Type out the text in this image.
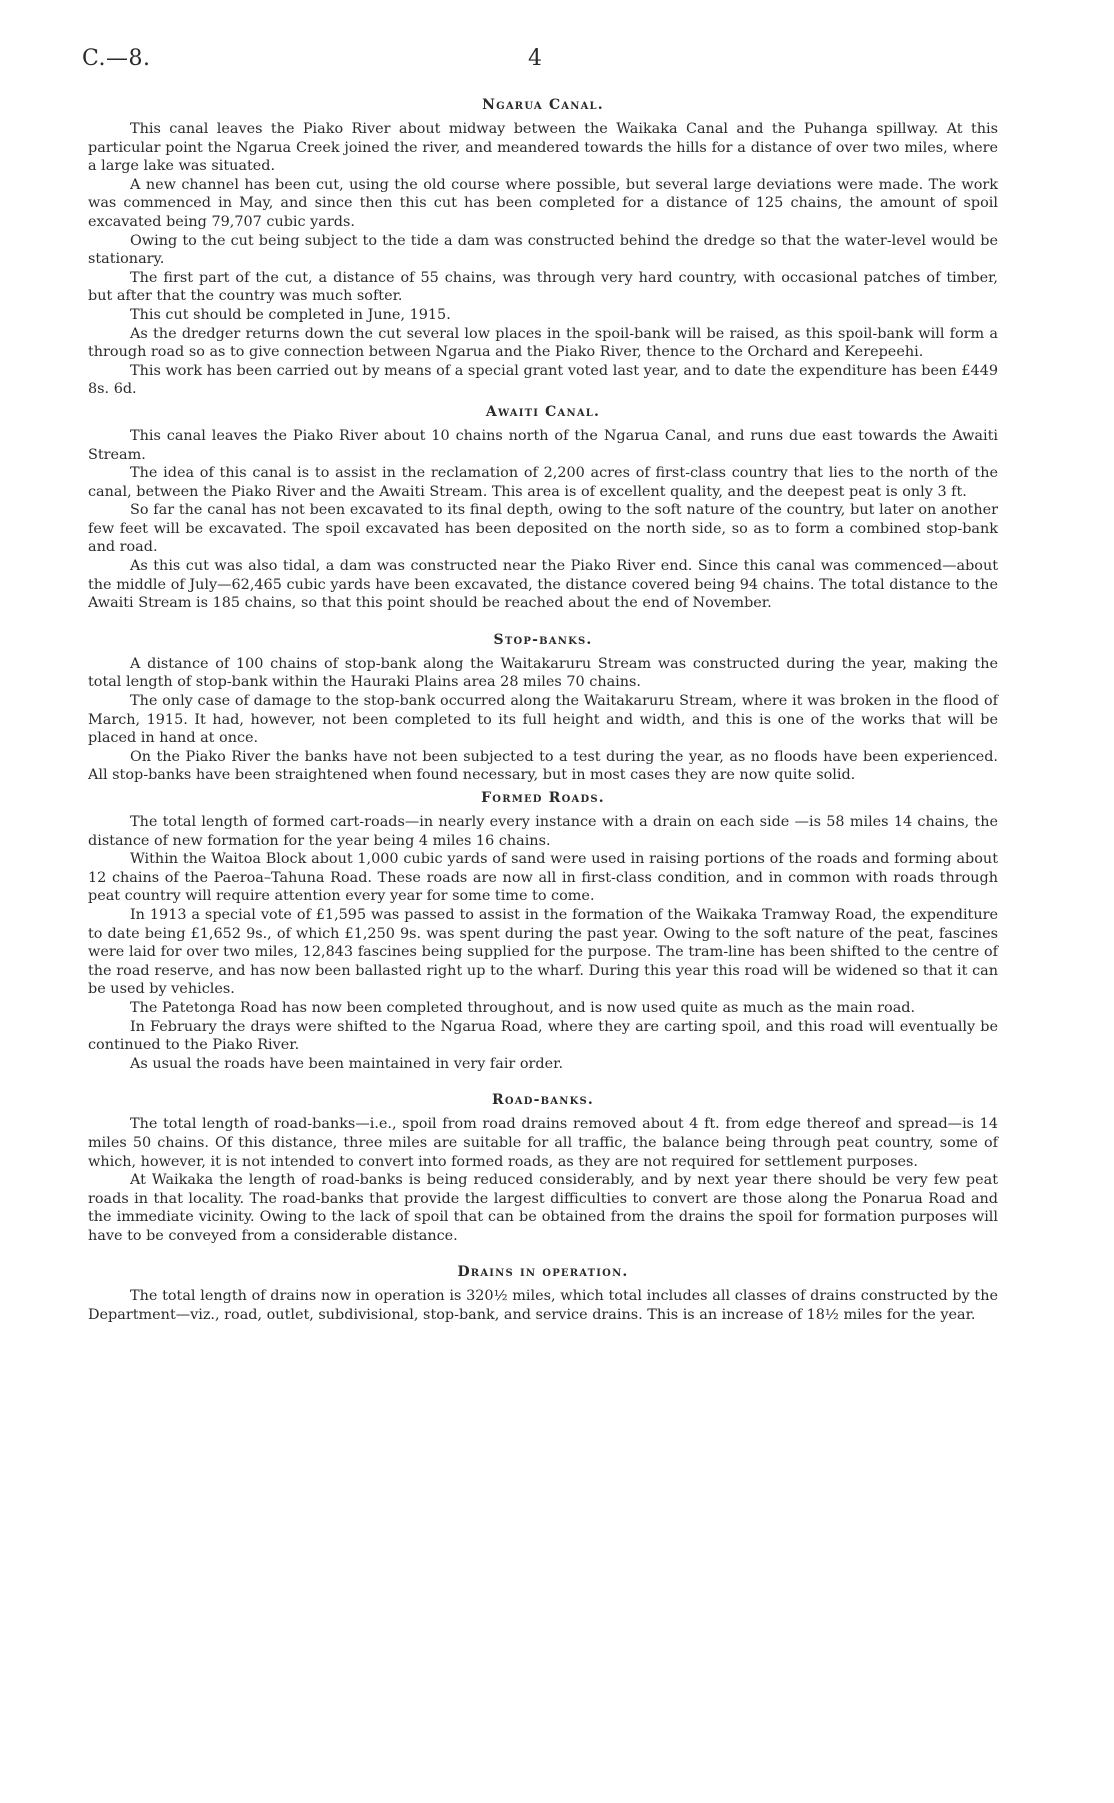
C.—8.	4
Ngarua Canal.

This canal leaves the Piako River about midway between the Waikaka Canal and the Puhanga spillway. At this particular point the Ngarua Creek joined the river, and meandered towards the hills for a distance of over two miles, where a large lake was situated.

A new channel has been cut, using the old course where possible, but several large deviations were made. The work was commenced in May, and since then this cut has been completed for a distance of 125 chains, the amount of spoil excavated being 79,707 cubic yards.

Owing to the cut being subject to the tide a dam was constructed behind the dredge so that the water-level would be stationary.

The first part of the cut, a distance of 55 chains, was through very hard country, with occasional patches of timber, but after that the country was much softer.

This cut should be completed in June, 1915.

As the dredger returns down the cut several low places in the spoil-bank will be raised, as this spoil-bank will form a through road so as to give connection between Ngarua and the Piako River, thence to the Orchard and Kerepeehi.

This work has been carried out by means of a special grant voted last year, and to date the expenditure has been £449 8s. 6d.

Awaiti Canal.

This canal leaves the Piako River about 10 chains north of the Ngarua Canal, and runs due east towards the Awaiti Stream.

The idea of this canal is to assist in the reclamation of 2,200 acres of first-class country that lies to the north of the canal, between the Piako River and the Awaiti Stream. This area is of excellent quality, and the deepest peat is only 3 ft.

So far the canal has not been excavated to its final depth, owing to the soft nature of the country, but later on another few feet will be excavated. The spoil excavated has been deposited on the north side, so as to form a combined stop-bank and road.

As this cut was also tidal, a dam was constructed near the Piako River end. Since this canal was commenced—about the middle of July—62,465 cubic yards have been excavated, the distance covered being 94 chains. The total distance to the Awaiti Stream is 185 chains, so that this point should be reached about the end of November.

Stop-banks.

A distance of 100 chains of stop-bank along the Waitakaruru Stream was constructed during the year, making the total length of stop-bank within the Hauraki Plains area 28 miles 70 chains.

The only case of damage to the stop-bank occurred along the Waitakaruru Stream, where it was broken in the flood of March, 1915. It had, however, not been completed to its full height and width, and this is one of the works that will be placed in hand at once.

On the Piako River the banks have not been subjected to a test during the year, as no floods have been experienced. All stop-banks have been straightened when found necessary, but in most cases they are now quite solid.

Formed Roads.

The total length of formed cart-roads—in nearly every instance with a drain on each side —is 58 miles 14 chains, the distance of new formation for the year being 4 miles 16 chains.

Within the Waitoa Block about 1,000 cubic yards of sand were used in raising portions of the roads and forming about 12 chains of the Paeroa–Tahuna Road. These roads are now all in first-class condition, and in common with roads through peat country will require attention every year for some time to come.

In 1913 a special vote of £1,595 was passed to assist in the formation of the Waikaka Tramway Road, the expenditure to date being £1,652 9s., of which £1,250 9s. was spent during the past year. Owing to the soft nature of the peat, fascines were laid for over two miles, 12,843 fascines being supplied for the purpose. The tram-line has been shifted to the centre of the road reserve, and has now been ballasted right up to the wharf. During this year this road will be widened so that it can be used by vehicles.

The Patetonga Road has now been completed throughout, and is now used quite as much as the main road.

In February the drays were shifted to the Ngarua Road, where they are carting spoil, and this road will eventually be continued to the Piako River.

As usual the roads have been maintained in very fair order.

Road-banks.

The total length of road-banks—i.e., spoil from road drains removed about 4 ft. from edge thereof and spread—is 14 miles 50 chains. Of this distance, three miles are suitable for all traffic, the balance being through peat country, some of which, however, it is not intended to convert into formed roads, as they are not required for settlement purposes.

At Waikaka the length of road-banks is being reduced considerably, and by next year there should be very few peat roads in that locality. The road-banks that provide the largest difficulties to convert are those along the Ponarua Road and the immediate vicinity. Owing to the lack of spoil that can be obtained from the drains the spoil for formation purposes will have to be conveyed from a considerable distance.

Drains in operation.

The total length of drains now in operation is 320½ miles, which total includes all classes of drains constructed by the Department—viz., road, outlet, subdivisional, stop-bank, and service drains. This is an increase of 18½ miles for the year.
